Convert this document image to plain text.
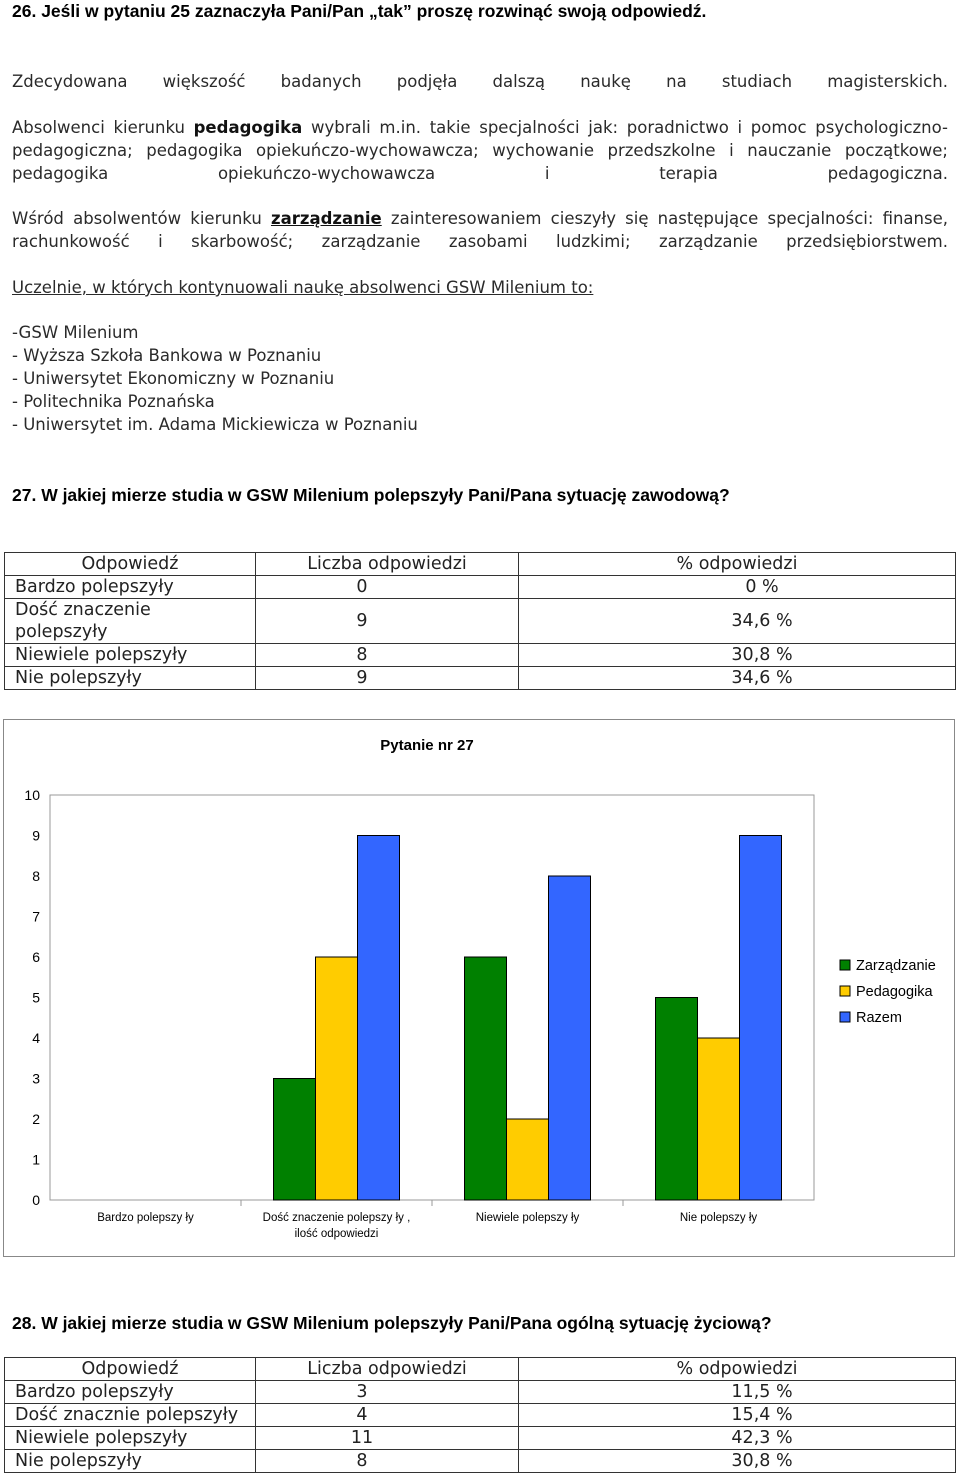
26. Jeśli w pytaniu 25 zaznaczyła Pani/Pan „tak” proszę rozwinąć swoją odpowiedź.
Zdecydowana większość badanych podjęła dalszą naukę na studiach magisterskich.
Absolwenci kierunku pedagogika wybrali m.in. takie specjalności jak: poradnictwo i pomoc psychologiczno-pedagogiczna; pedagogika opiekuńczo-wychowawcza; wychowanie przedszkolne i nauczanie początkowe; pedagogika opiekuńczo-wychowawcza i terapia pedagogiczna.
Wśród absolwentów kierunku zarządzanie zainteresowaniem cieszyły się następujące specjalności: finanse, rachunkowość i skarbowość; zarządzanie zasobami ludzkimi; zarządzanie przedsiębiorstwem.
Uczelnie, w których kontynuowali naukę absolwenci GSW Milenium to:
-GSW Milenium
- Wyższa Szkoła Bankowa w Poznaniu
- Uniwersytet Ekonomiczny w Poznaniu
- Politechnika Poznańska
- Uniwersytet im. Adama Mickiewicza w Poznaniu
27. W jakiej mierze studia w GSW Milenium polepszyły Pani/Pana sytuację zawodową?
Odpowiedź	Liczba odpowiedzi	% odpowiedzi
Bardzo polepszyły	0	0 %
Dość znaczenie polepszyły	9	34,6 %
Niewiele polepszyły	8	30,8 %
Nie polepszyły	9	34,6 %
Pytanie nr 27
0
1
2
3
4
5
6
7
8
9
10
Bardzo polepszy ły	Dość znaczenie polepszy ły ,
ilość odpowiedzi
Niewiele polepszy ły	Nie polepszy ły
Zarządzanie
Pedagogika
Razem
28. W jakiej mierze studia w GSW Milenium polepszyły Pani/Pana ogólną sytuację życiową?
Odpowiedź	Liczba odpowiedzi	% odpowiedzi
Bardzo polepszyły	3	11,5 %
Dość znacznie polepszyły	4	15,4 %
Niewiele polepszyły	11	42,3 %
Nie polepszyły	8	30,8 %
